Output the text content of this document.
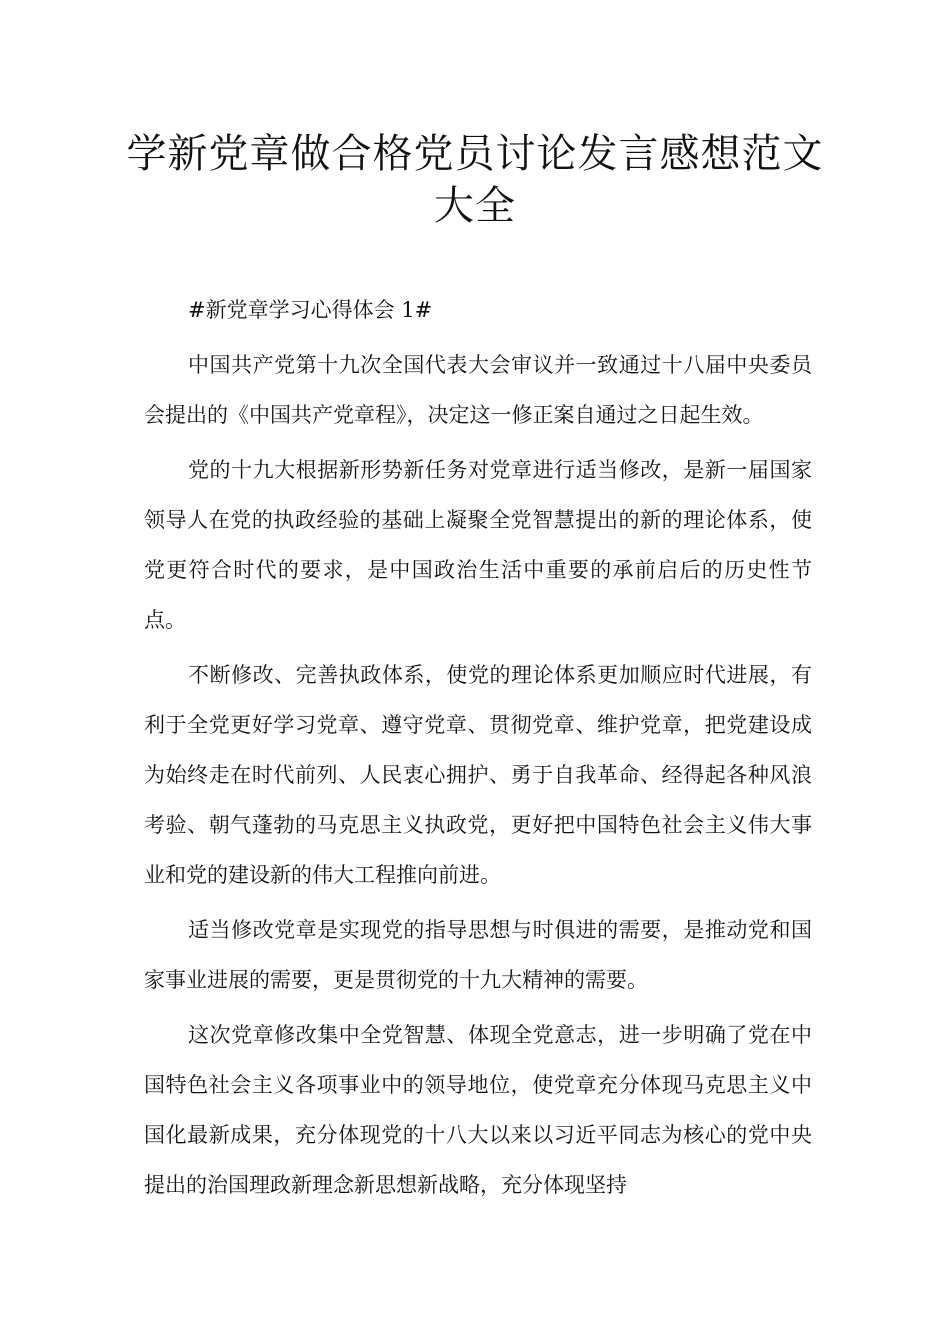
学新党章做合格党员讨论发言感想范文
大全

#新党章学习心得体会 1#

中国共产党第十九次全国代表大会审议并一致通过十八届中央委员会提出的《中国共产党章程》，决定这一修正案自通过之日起生效。

党的十九大根据新形势新任务对党章进行适当修改，是新一届国家领导人在党的执政经验的基础上凝聚全党智慧提出的新的理论体系，使党更符合时代的要求，是中国政治生活中重要的承前启后的历史性节点。

不断修改、完善执政体系，使党的理论体系更加顺应时代进展，有利于全党更好学习党章、遵守党章、贯彻党章、维护党章，把党建设成为始终走在时代前列、人民衷心拥护、勇于自我革命、经得起各种风浪考验、朝气蓬勃的马克思主义执政党，更好把中国特色社会主义伟大事业和党的建设新的伟大工程推向前进。

适当修改党章是实现党的指导思想与时俱进的需要，是推动党和国家事业进展的需要，更是贯彻党的十九大精神的需要。

这次党章修改集中全党智慧、体现全党意志，进一步明确了党在中国特色社会主义各项事业中的领导地位，使党章充分体现马克思主义中国化最新成果，充分体现党的十八大以来以习近平同志为核心的党中央提出的治国理政新理念新思想新战略，充分体现坚持
